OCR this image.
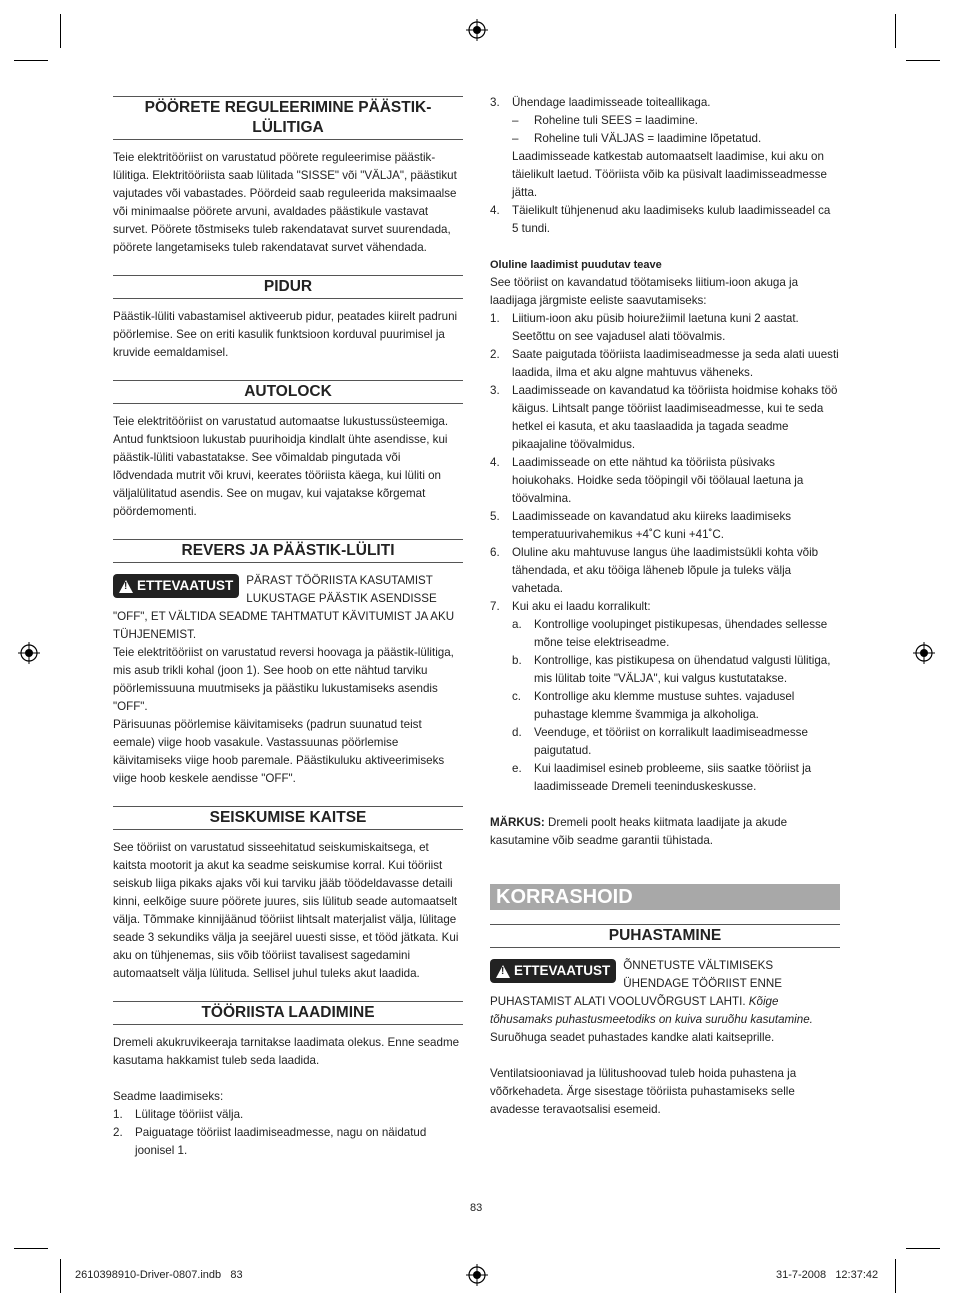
PÖÖRETE REGULEERIMINE PÄÄSTIK-LÜLITIGA

Teie elektritööriist on varustatud pöörete reguleerimise päästik-lülitiga. Elektritööriista saab lülitada "SISSE" või "VÄLJA", päästikut vajutades või vabastades. Pöördeid saab reguleerida maksimaalse või minimaalse pöörete arvuni, avaldades päästikule vastavat survet. Pöörete tõstmiseks tuleb rakendatavat survet suurendada, pöörete langetamiseks tuleb rakendatavat survet vähendada.

PIDUR

Päästik-lüliti vabastamisel aktiveerub pidur, peatades kiirelt padruni pöörlemise. See on eriti kasulik funktsioon korduval puurimisel ja kruvide eemaldamisel.

AUTOLOCK

Teie elektritööriist on varustatud automaatse lukustussüsteemiga. Antud funktsioon lukustab puurihoidja kindlalt ühte asendisse, kui päästik-lüliti vabastatakse. See võimaldab pingutada või lõdvendada mutrit või kruvi, keerates tööriista käega, kui lüliti on väljalülitatud asendis. See on mugav, kui vajatakse kõrgemat pöördemomenti.

REVERS JA PÄÄSTIK-LÜLITI

! ETTEVAATUST PÄRAST TÖÖRIISTA KASUTAMIST LUKUSTAGE PÄÄSTIK ASENDISSE "OFF", ET VÄLTIDA SEADME TAHTMATUT KÄVITUMIST JA AKU TÜHJENEMIST.

Teie elektritööriist on varustatud reversi hoovaga ja päästik-lülitiga, mis asub trikli kohal (joon 1). See hoob on ette nähtud tarviku pöörlemissuuna muutmiseks ja päästiku lukustamiseks asendis "OFF".

Pärisuunas pöörlemise käivitamiseks (padrun suunatud teist eemale) viige hoob vasakule. Vastassuunas pöörlemise käivitamiseks viige hoob paremale. Päästikuluku aktiveerimiseks viige hoob keskele aendisse "OFF".

SEISKUMISE KAITSE

See tööriist on varustatud sisseehitatud seiskumiskaitsega, et kaitsta mootorit ja akut ka seadme seiskumise korral. Kui tööriist seiskub liiga pikaks ajaks või kui tarviku jääb töödeldavasse detaili kinni, eelkõige suure pöörete juures, siis lülitub seade automaatselt välja. Tõmmake kinnijäänud tööriist lihtsalt materjalist välja, lülitage seade 3 sekundiks välja ja seejärel uuesti sisse, et tööd jätkata. Kui aku on tühjenemas, siis võib tööriist tavalisest sagedamini automaatselt välja lülituda. Sellisel juhul tuleks akut laadida.

TÖÖRIISTA LAADIMINE

Dremeli akukruvikeeraja tarnitakse laadimata olekus. Enne seadme kasutama hakkamist tuleb seda laadida.

Seadme laadimiseks:

1.	Lülitage tööriist välja.
2.	Paiguatage tööriist laadimiseadmesse, nagu on näidatud joonisel 1.
3.	Ühendage laadimisseade toiteallikaga.
–	Roheline tuli SEES = laadimine.
–	Roheline tuli VÄLJAS = laadimine lõpetatud.

Laadimisseade katkestab automaatselt laadimise, kui aku on täielikult laetud. Tööriista võib ka püsivalt laadimisseadmesse jätta.

4.	Täielikult tühjenenud aku laadimiseks kulub laadimisseadel ca 5 tundi.

Oluline laadimist puudutav teave

See tööriist on kavandatud töötamiseks liitium-ioon akuga ja laadijaga järgmiste eeliste saavutamiseks:

1.	Liitium-ioon aku püsib hoiurežiimil laetuna kuni 2 aastat. Seetõttu on see vajadusel alati töövalmis.
2.	Saate paigutada tööriista laadimiseadmesse ja seda alati uuesti laadida, ilma et aku algne mahtuvus väheneks.
3.	Laadimisseade on kavandatud ka tööriista hoidmise kohaks töö käigus. Lihtsalt pange tööriist laadimiseadmesse, kui te seda hetkel ei kasuta, et aku taaslaadida ja tagada seadme pikaajaline töövalmidus.
4.	Laadimisseade on ette nähtud ka tööriista püsivaks hoiukohaks. Hoidke seda tööpingil või töölaual laetuna ja töövalmina.
5.	Laadimisseade on kavandatud aku kiireks laadimiseks temperatuurivahemikus +4˚C kuni +41˚C.
6.	Oluline aku mahtuvuse langus ühe laadimistsükli kohta võib tähendada, et aku tööiga läheneb lõpule ja tuleks välja vahetada.
7.	Kui aku ei laadu korralikult:
a.	Kontrollige voolupinget pistikupesas, ühendades sellesse mõne teise elektriseadme.
b.	Kontrollige, kas pistikupesa on ühendatud valgusti lülitiga, mis lülitab toite "VÄLJA", kui valgus kustutatakse.
c.	Kontrollige aku klemme mustuse suhtes. vajadusel puhastage klemme švammiga ja alkoholiga.
d.	Veenduge, et tööriist on korralikult laadimiseadmesse paigutatud.
e.	Kui laadimisel esineb probleeme, siis saatke tööriist ja laadimisseade Dremeli teeninduskeskusse.

MÄRKUS: Dremeli poolt heaks kiitmata laadijate ja akude kasutamine võib seadme garantii tühistada.

KORRASHOID
PUHASTAMINE

! ETTEVAATUST ÕNNETUSTE VÄLTIMISEKS ÜHENDAGE TÖÖRIIST ENNE PUHASTAMIST ALATI VOOLUVÕRGUST LAHTI. Kõige tõhusamaks puhastusmeetodiks on kuiva suruõhu kasutamine. Suruõhuga seadet puhastades kandke alati kaitseprille.

Ventilatsiooniavad ja lülitushoovad tuleb hoida puhastena ja võõrkehadeta. Ärge sisestage tööriista puhastamiseks selle avadesse teravaotsalisi esemeid.

83
2610398910-Driver-0807.indb   83	31-7-2008   12:37:42
